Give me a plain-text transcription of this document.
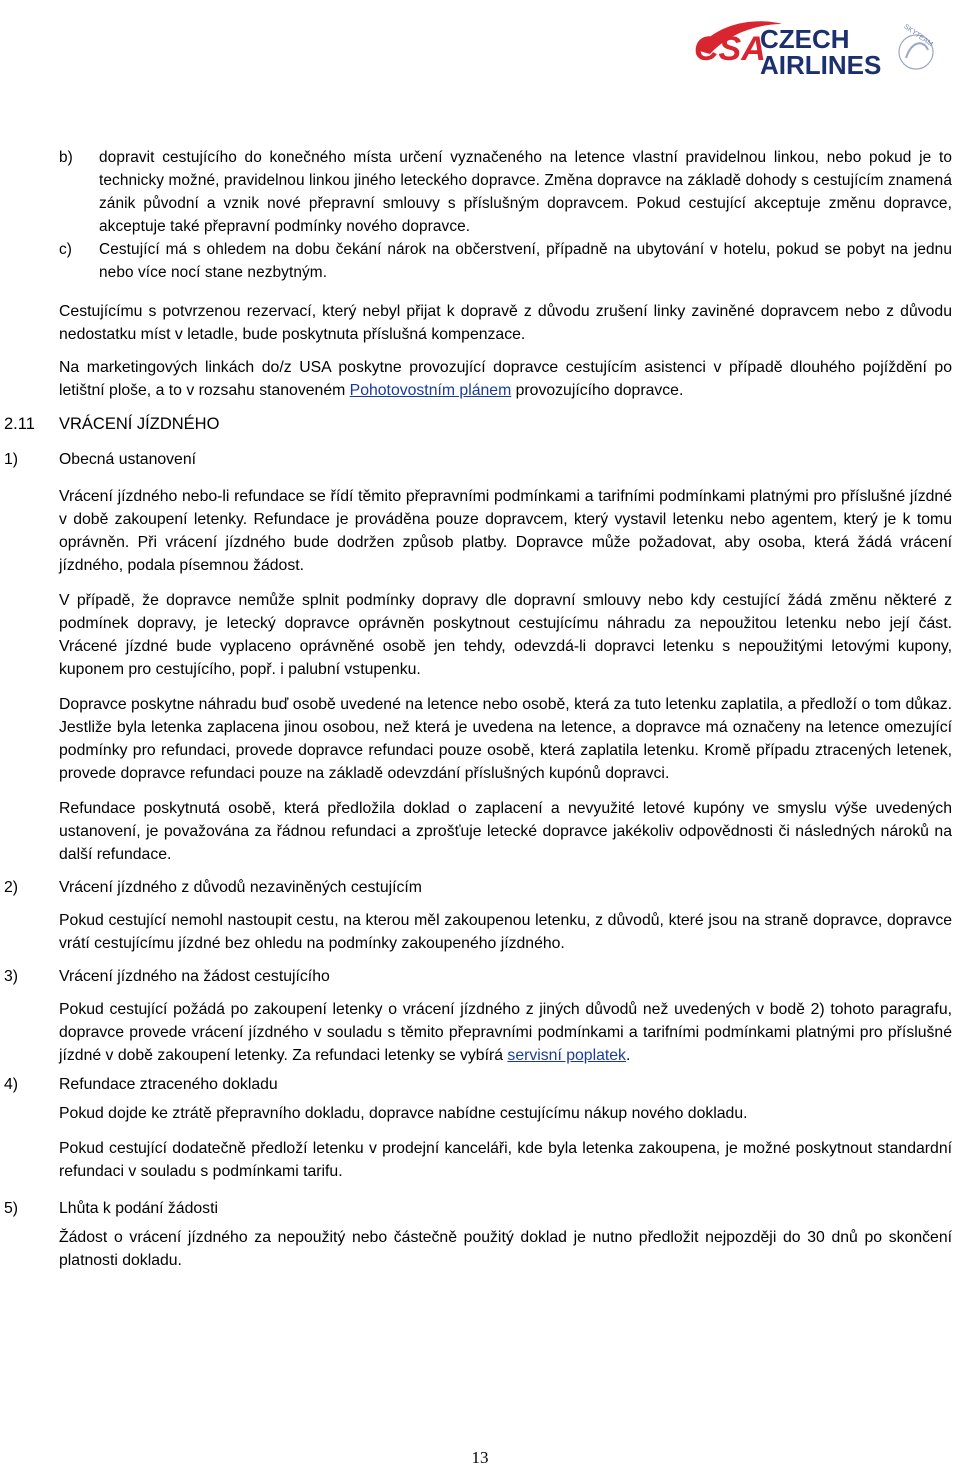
CSA
CZECH
AIRLINES
SKYTEAM
b) dopravit cestujícího do konečného místa určení vyznačeného na letence vlastní pravidelnou linkou, nebo pokud je to technicky možné, pravidelnou linkou jiného leteckého dopravce. Změna dopravce na základě dohody s cestujícím znamená zánik původní a vznik nové přepravní smlouvy s příslušným dopravcem. Pokud cestující akceptuje změnu dopravce, akceptuje také přepravní podmínky nového dopravce.

c) Cestující má s ohledem na dobu čekání nárok na občerstvení, případně na ubytování v hotelu, pokud se pobyt na jednu nebo více nocí stane nezbytným.

Cestujícímu s potvrzenou rezervací, který nebyl přijat k dopravě z důvodu zrušení linky zaviněné dopravcem nebo z důvodu nedostatku míst v letadle, bude poskytnuta příslušná kompenzace.

Na marketingových linkách do/z USA poskytne provozující dopravce cestujícím asistenci v případě dlouhého pojíždění po letištní ploše, a to v rozsahu stanoveném Pohotovostním plánem provozujícího dopravce.

2.11 VRÁCENÍ JÍZDNÉHO
1)	Obecná ustanovení

Vrácení jízdného nebo-li refundace se řídí těmito přepravními podmínkami a tarifními podmínkami platnými pro příslušné jízdné v době zakoupení letenky. Refundace je prováděna pouze dopravcem, který vystavil letenku nebo agentem, který je k tomu oprávněn. Při vrácení jízdného bude dodržen způsob platby. Dopravce může požadovat, aby osoba, která žádá vrácení jízdného, podala písemnou žádost.

V případě, že dopravce nemůže splnit podmínky dopravy dle dopravní smlouvy nebo kdy cestující žádá změnu některé z podmínek dopravy, je letecký dopravce oprávněn poskytnout cestujícímu náhradu za nepoužitou letenku nebo její část. Vrácené jízdné bude vyplaceno oprávněné osobě jen tehdy, odevzdá-li dopravci letenku s nepoužitými letovými kupony, kuponem pro cestujícího, popř. i palubní vstupenku.

Dopravce poskytne náhradu buď osobě uvedené na letence nebo osobě, která za tuto letenku zaplatila, a předloží o tom důkaz. Jestliže byla letenka zaplacena jinou osobou, než která je uvedena na letence, a dopravce má označeny na letence omezující podmínky pro refundaci, provede dopravce refundaci pouze osobě, která zaplatila letenku. Kromě případu ztracených letenek, provede dopravce refundaci pouze na základě odevzdání příslušných kupónů dopravci.

Refundace poskytnutá osobě, která předložila doklad o zaplacení a nevyužité letové kupóny ve smyslu výše uvedených ustanovení, je považována za řádnou refundaci a zprošťuje letecké dopravce jakékoliv odpovědnosti či následných nároků na další refundace.

2)	Vrácení jízdného z důvodů nezaviněných cestujícím

Pokud cestující nemohl nastoupit cestu, na kterou měl zakoupenou letenku, z důvodů, které jsou na straně dopravce, dopravce vrátí cestujícímu jízdné bez ohledu na podmínky zakoupeného jízdného.

3)	Vrácení jízdného na žádost cestujícího

Pokud cestující požádá po zakoupení letenky o vrácení jízdného z jiných důvodů než uvedených v bodě 2) tohoto paragrafu, dopravce provede vrácení jízdného v souladu s těmito přepravními podmínkami a tarifními podmínkami platnými pro příslušné jízdné v době zakoupení letenky. Za refundaci letenky se vybírá servisní poplatek.

4)	Refundace ztraceného dokladu

Pokud dojde ke ztrátě přepravního dokladu, dopravce nabídne cestujícímu nákup nového dokladu.

Pokud cestující dodatečně předloží letenku v prodejní kanceláři, kde byla letenka zakoupena, je možné poskytnout standardní refundaci v souladu s podmínkami tarifu.

5)	Lhůta k podání žádosti

Žádost o vrácení jízdného za nepoužitý nebo částečně použitý doklad je nutno předložit nejpozději do 30 dnů po skončení platnosti dokladu.

13
